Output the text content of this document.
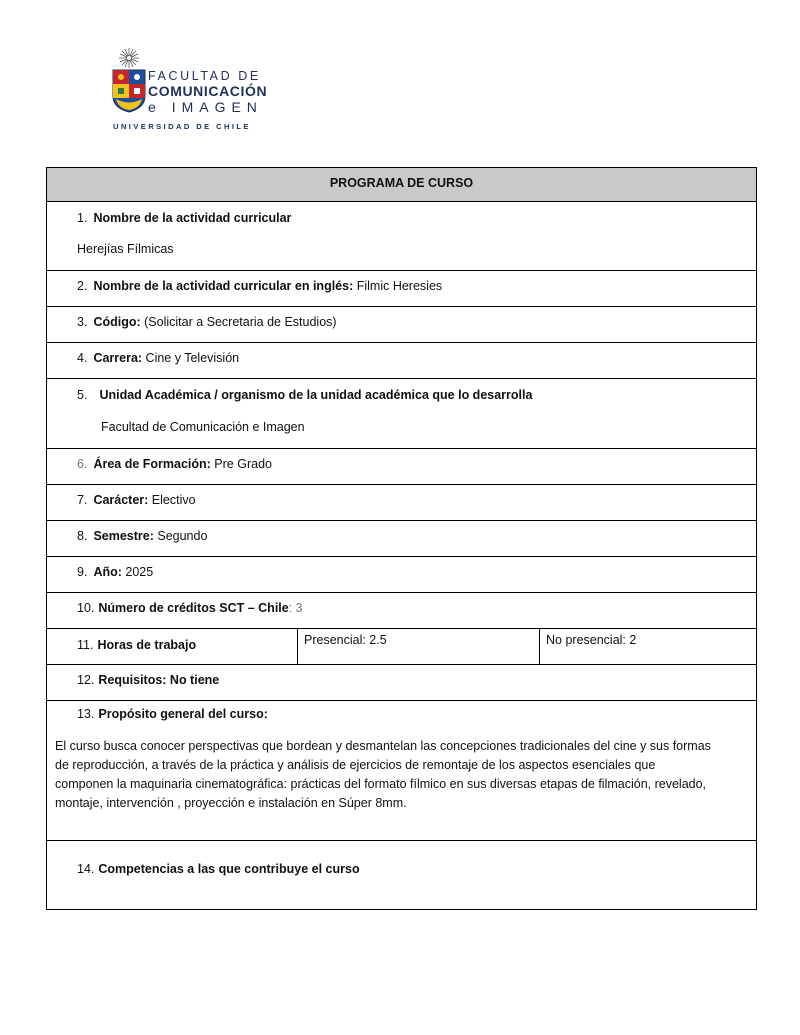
FACULTAD DE
COMUNICACIÓN
e IMAGEN
UNIVERSIDAD DE CHILE
PROGRAMA DE CURSO
1. Nombre de la actividad curricular
Herejías Fílmicas
2. Nombre de la actividad curricular en inglés: Filmic Heresies
3. Código: (Solicitar a Secretaria de Estudios)
4. Carrera: Cine y Televisión
5. Unidad Académica / organismo de la unidad académica que lo desarrolla
Facultad de Comunicación e Imagen
6. Área de Formación: Pre Grado
7. Carácter: Electivo
8. Semestre: Segundo
9. Año: 2025
10. Número de créditos SCT – Chile: 3
11. Horas de trabajo	Presencial: 2.5	No presencial: 2
12. Requisitos: No tiene
13. Propósito general del curso:
El curso busca conocer perspectivas que bordean y desmantelan las concepciones tradicionales del cine y sus formas
de reproducción, a través de la práctica y análisis de ejercicios de remontaje de los aspectos esenciales que
componen la maquinaria cinematográfica: prácticas del formato fílmico en sus diversas etapas de filmación, revelado,
montaje, intervención , proyección e instalación en Súper 8mm.
14. Competencias a las que contribuye el curso
